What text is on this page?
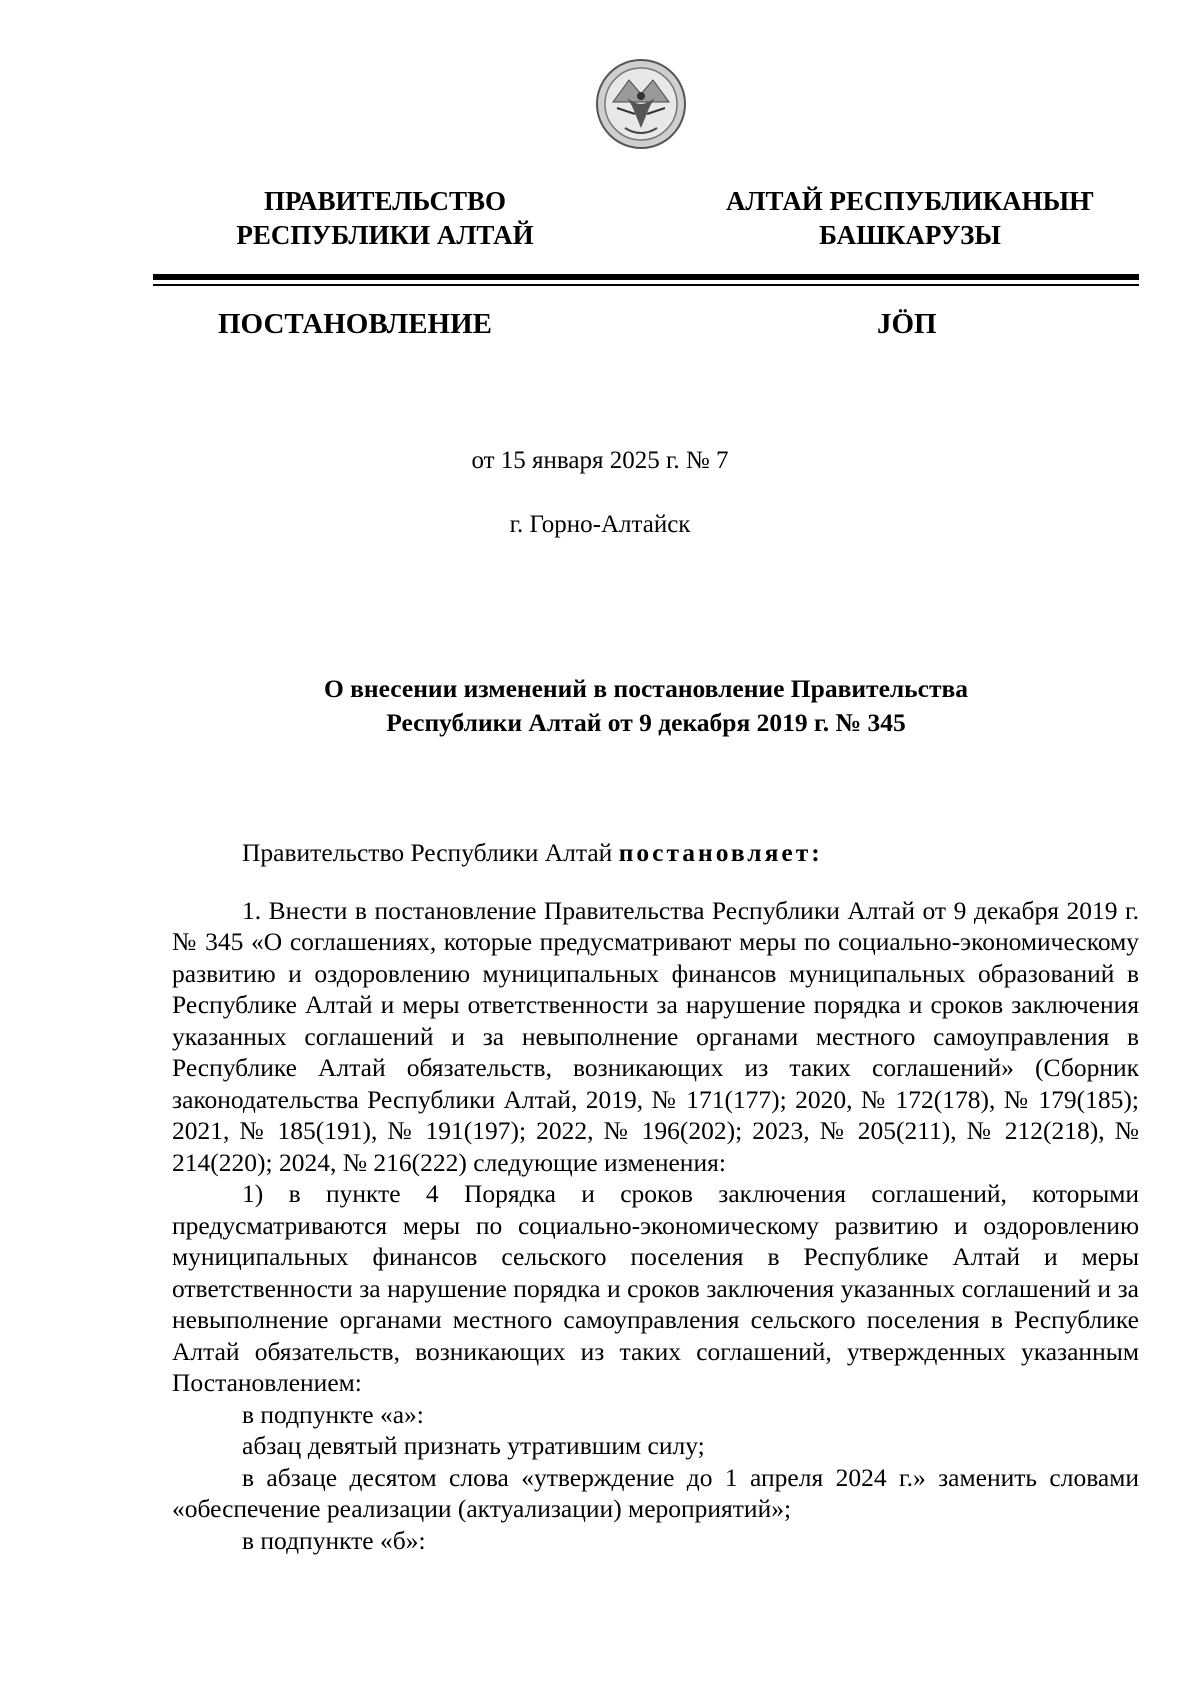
ПРАВИТЕЛЬСТВО
РЕСПУБЛИКИ АЛТАЙ
АЛТАЙ РЕСПУБЛИКАНЫҤ
БАШКАРУЗЫ
ПОСТАНОВЛЕНИЕ	JÖП
от 15 января 2025 г. № 7
г. Горно-Алтайск
О внесении изменений в постановление Правительства
Республики Алтай от 9 декабря 2019 г. № 345

Правительство Республики Алтай постановляет:

1. Внести в постановление Правительства Республики Алтай от 9 декабря 2019 г. № 345 «О соглашениях, которые предусматривают меры по социально-экономическому развитию и оздоровлению муниципальных финансов муниципальных образований в Республике Алтай и меры ответственности за нарушение порядка и сроков заключения указанных соглашений и за невыполнение органами местного самоуправления в Республике Алтай обязательств, возникающих из таких соглашений» (Сборник законодательства Республики Алтай, 2019, № 171(177); 2020, № 172(178), № 179(185); 2021, № 185(191), № 191(197); 2022, № 196(202); 2023, № 205(211), № 212(218), № 214(220); 2024, № 216(222) следующие изменения:

1) в пункте 4 Порядка и сроков заключения соглашений, которыми предусматриваются меры по социально-экономическому развитию и оздоровлению муниципальных финансов сельского поселения в Республике Алтай и меры ответственности за нарушение порядка и сроков заключения указанных соглашений и за невыполнение органами местного самоуправления сельского поселения в Республике Алтай обязательств, возникающих из таких соглашений, утвержденных указанным Постановлением:

в подпункте «а»:

абзац девятый признать утратившим силу;

в абзаце десятом слова «утверждение до 1 апреля 2024 г.» заменить словами «обеспечение реализации (актуализации) мероприятий»;

в подпункте «б»:
